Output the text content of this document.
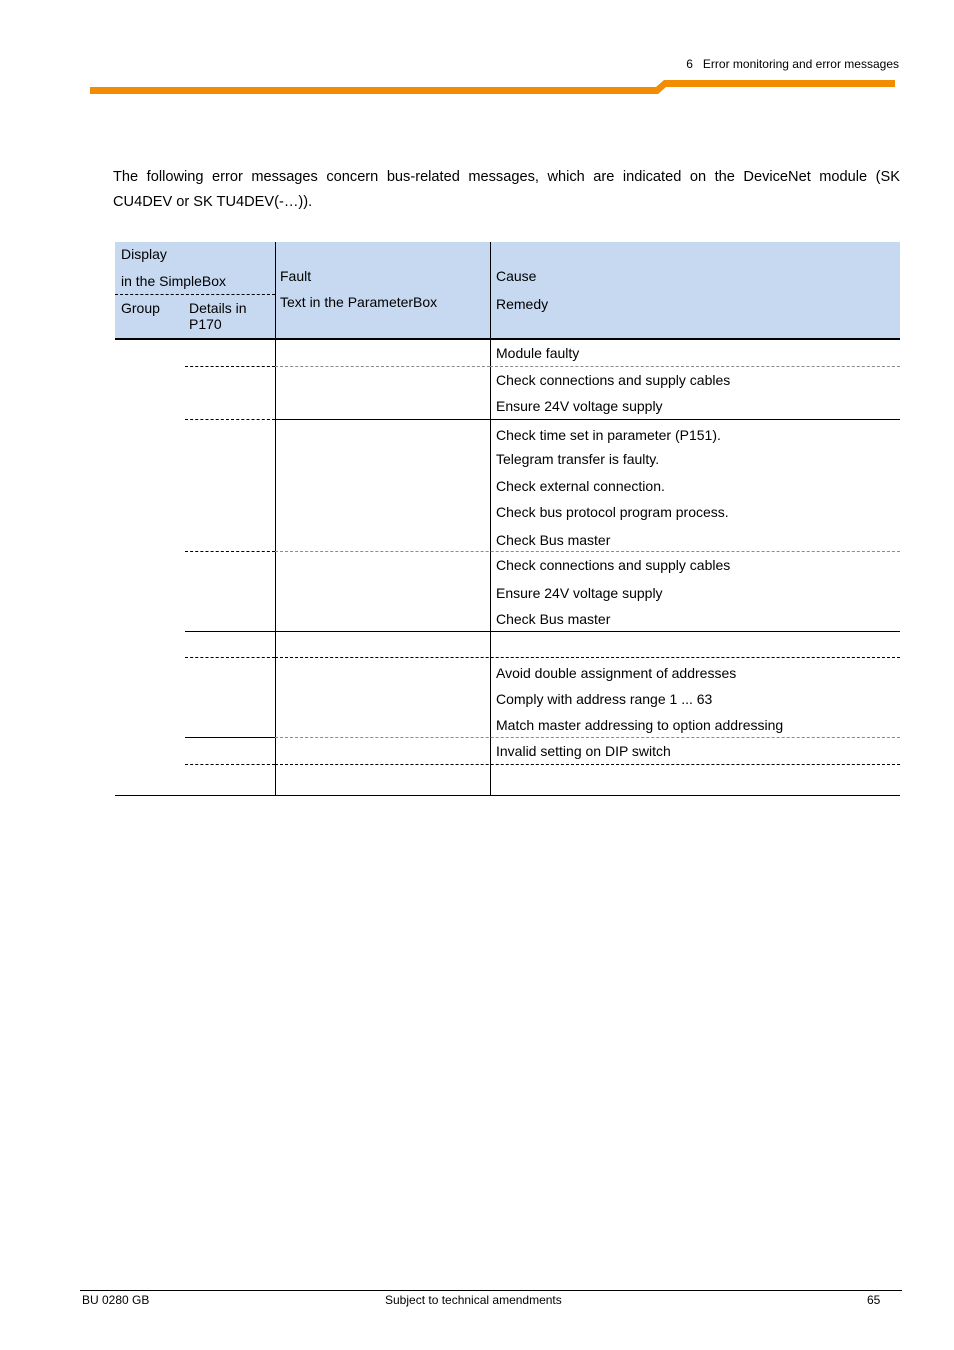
6 Error monitoring and error messages

The following error messages concern bus-related messages, which are indicated on the DeviceNet module (SK CU4DEV or SK TU4DEV(-…)).

Display
in the SimpleBox
Group Details in
P170
Fault
Text in the ParameterBox
Cause
Remedy
Module faulty
Check connections and supply cables
Ensure 24V voltage supply
Check time set in parameter (P151).
Telegram transfer is faulty.
Check external connection.
Check bus protocol program process.
Check Bus master
Check connections and supply cables
Ensure 24V voltage supply
Check Bus master
Avoid double assignment of addresses
Comply with address range 1 ... 63
Match master addressing to option addressing
Invalid setting on DIP switch
BU 0280 GB	Subject to technical amendments	65
